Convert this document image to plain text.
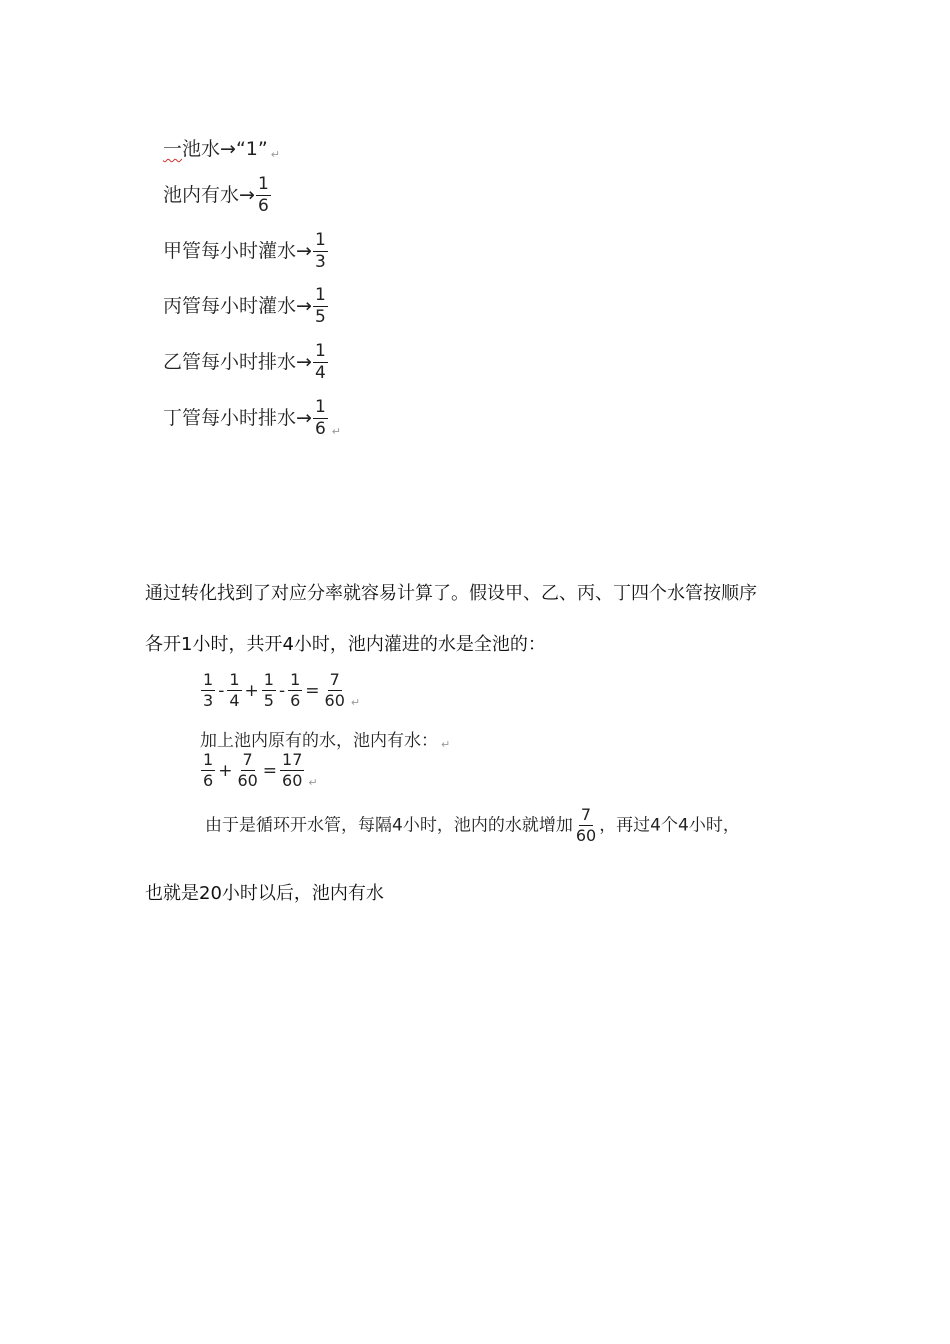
一池水→“1” ↵
池内有水→ $\frac{1}{6}$
甲管每小时灌水→ $\frac{1}{3}$
丙管每小时灌水→ $\frac{1}{5}$
乙管每小时排水→ $\frac{1}{4}$
丁管每小时排水→ $\frac{1}{6}$ ↵
通过转化找到了对应分率就容易计算了。假设甲、乙、丙、丁四个水管按顺序
各开1小时，共开4小时，池内灌进的水是全池的：
$\frac{1}{3} - \frac{1}{4} + \frac{1}{5} - \frac{1}{6} = \frac{7}{60}$ ↵
加上池内原有的水，池内有水： ↵
$\frac{1}{6} + \frac{7}{60} = \frac{17}{60}$ ↵
由于是循环开水管，每隔4小时，池内的水就增加 $\frac{7}{60}$ ，再过4个4小时，
也就是20小时以后，池内有水
